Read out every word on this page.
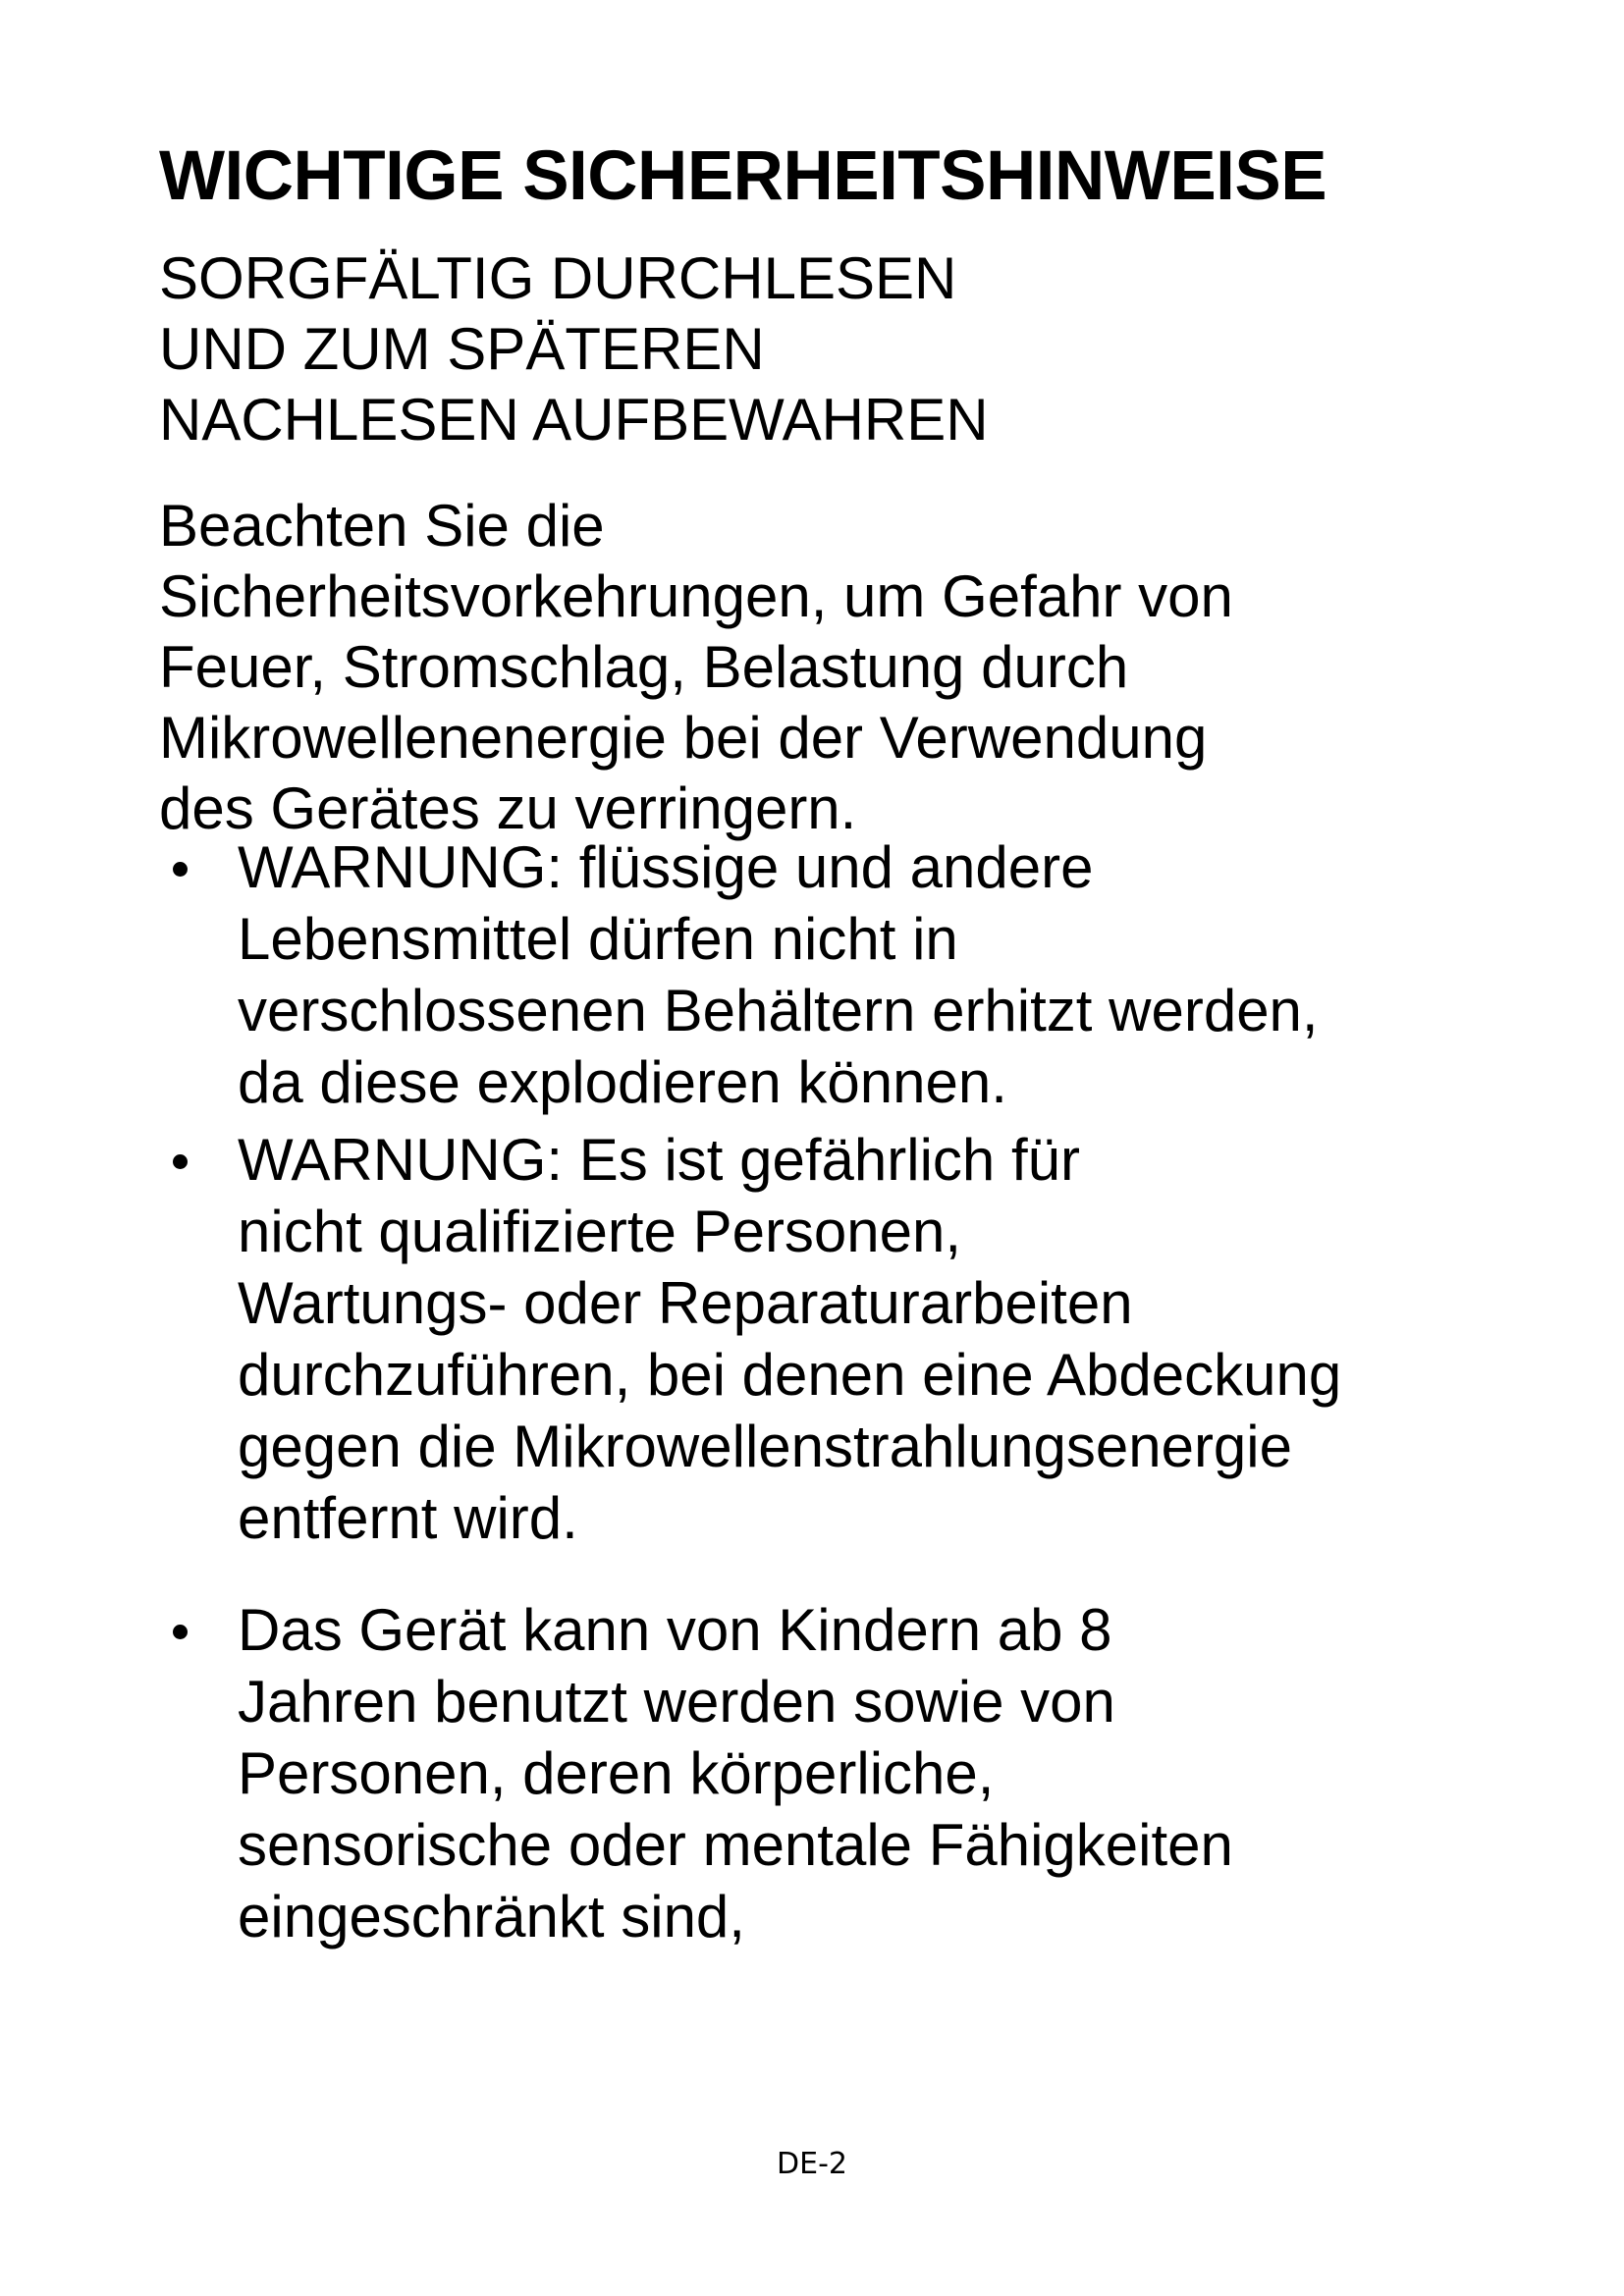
WICHTIGE SICHERHEITSHINWEISE
SORGFÄLTIG DURCHLESEN
UND ZUM SPÄTEREN
NACHLESEN AUFBEWAHREN

Beachten Sie die
Sicherheitsvorkehrungen, um Gefahr von
Feuer, Stromschlag, Belastung durch
Mikrowellenenergie bei der Verwendung
des Gerätes zu verringern.

WARNUNG: flüssige und andere
Lebensmittel dürfen nicht in
verschlossenen Behältern erhitzt werden,
da diese explodieren können.
WARNUNG: Es ist gefährlich für
nicht qualifizierte Personen,
Wartungs- oder Reparaturarbeiten
durchzuführen, bei denen eine Abdeckung
gegen die Mikrowellenstrahlungsenergie
entfernt wird.
Das Gerät kann von Kindern ab 8
Jahren benutzt werden sowie von
Personen, deren körperliche,
sensorische oder mentale Fähigkeiten
eingeschränkt sind,
DE-2
